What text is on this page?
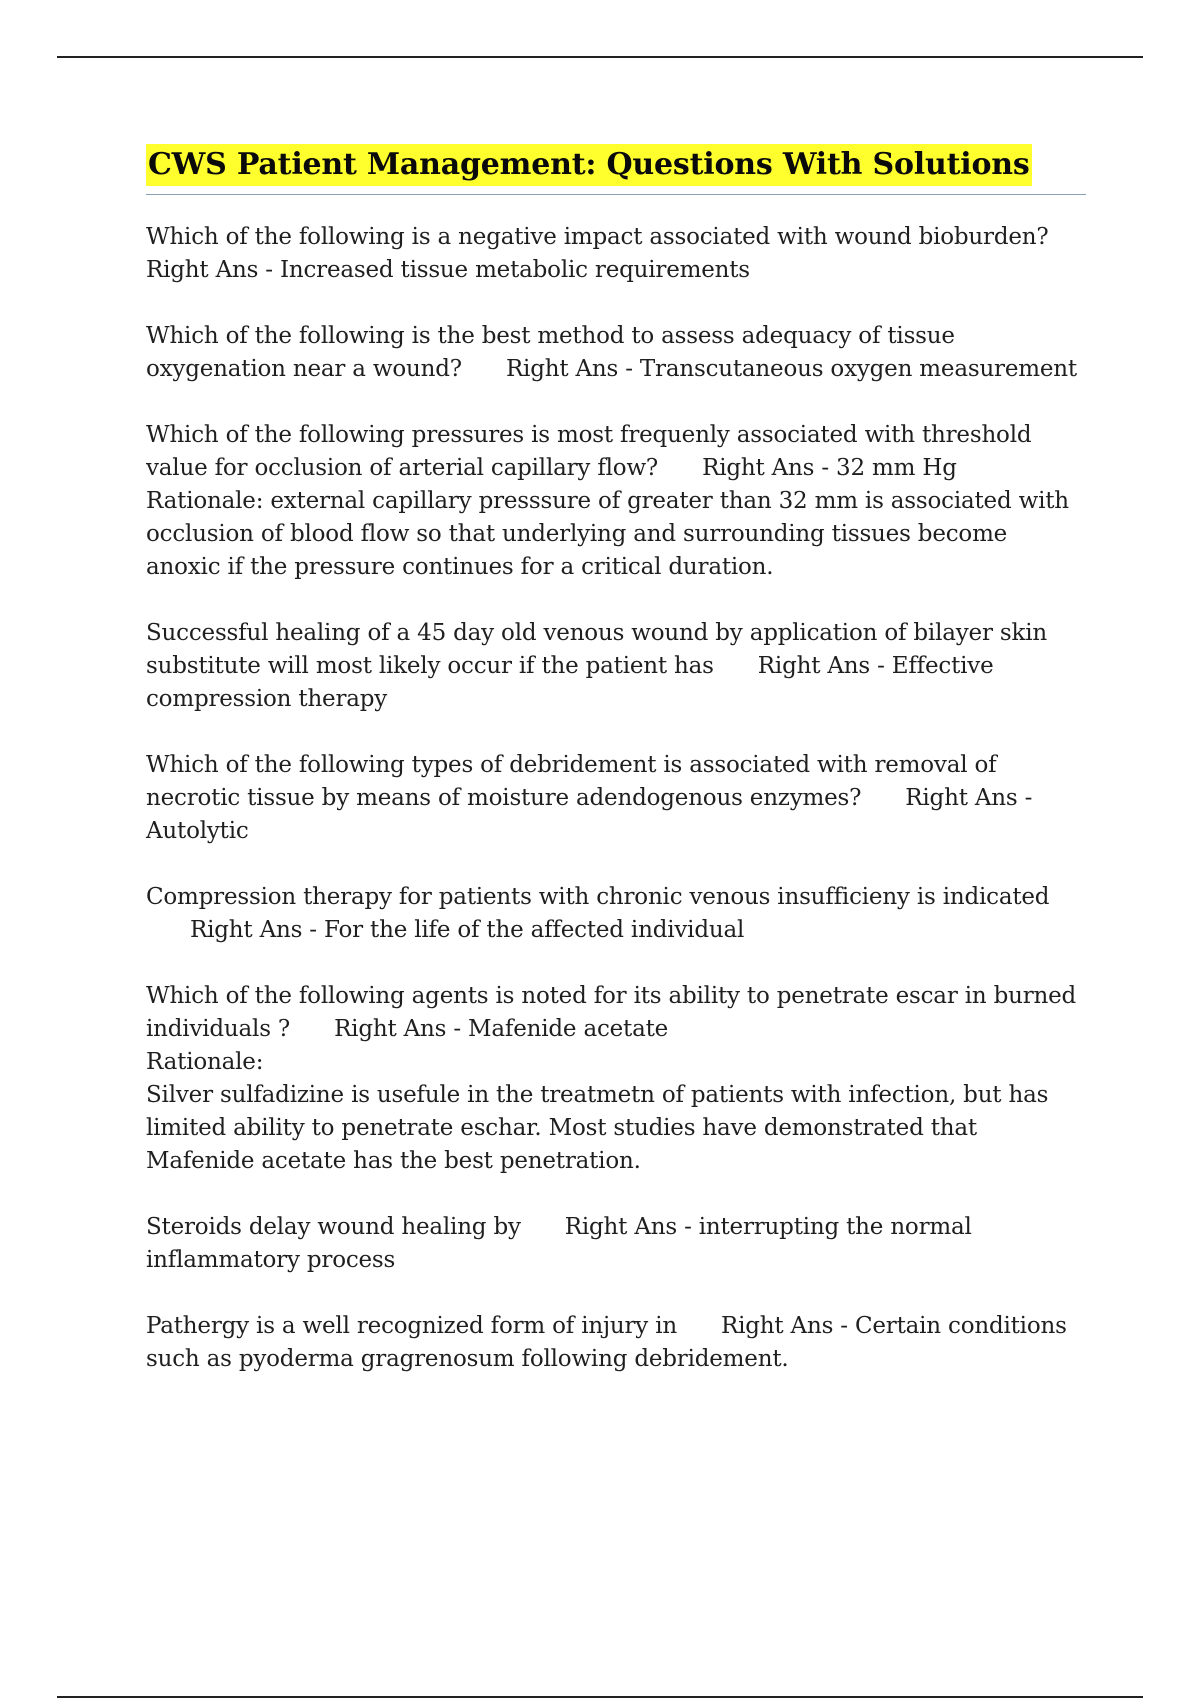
CWS Patient Management: Questions With Solutions
Which of the following is a negative impact associated with wound bioburden?
Right Ans - Increased tissue metabolic requirements
Which of the following is the best method to assess adequacy of tissue oxygenation near a wound? Right Ans - Transcutaneous oxygen measurement
Which of the following pressures is most frequenly associated with threshold value for occlusion of arterial capillary flow? Right Ans - 32 mm Hg
Rationale: external capillary presssure of greater than 32 mm is associated with occlusion of blood flow so that underlying and surrounding tissues become anoxic if the pressure continues for a critical duration.
Successful healing of a 45 day old venous wound by application of bilayer skin substitute will most likely occur if the patient has Right Ans - Effective compression therapy
Which of the following types of debridement is associated with removal of necrotic tissue by means of moisture adendogenous enzymes? Right Ans - Autolytic
Compression therapy for patients with chronic venous insufficieny is indicatedRight Ans - For the life of the affected individual
Which of the following agents is noted for its ability to penetrate escar in burned individuals ? Right Ans - Mafenide acetate
Rationale:
Silver sulfadizine is usefule in the treatmetn of patients with infection, but has limited ability to penetrate eschar. Most studies have demonstrated that Mafenide acetate has the best penetration.
Steroids delay wound healing by Right Ans - interrupting the normal inflammatory process
Pathergy is a well recognized form of injury in Right Ans - Certain conditions such as pyoderma gragrenosum following debridement.
